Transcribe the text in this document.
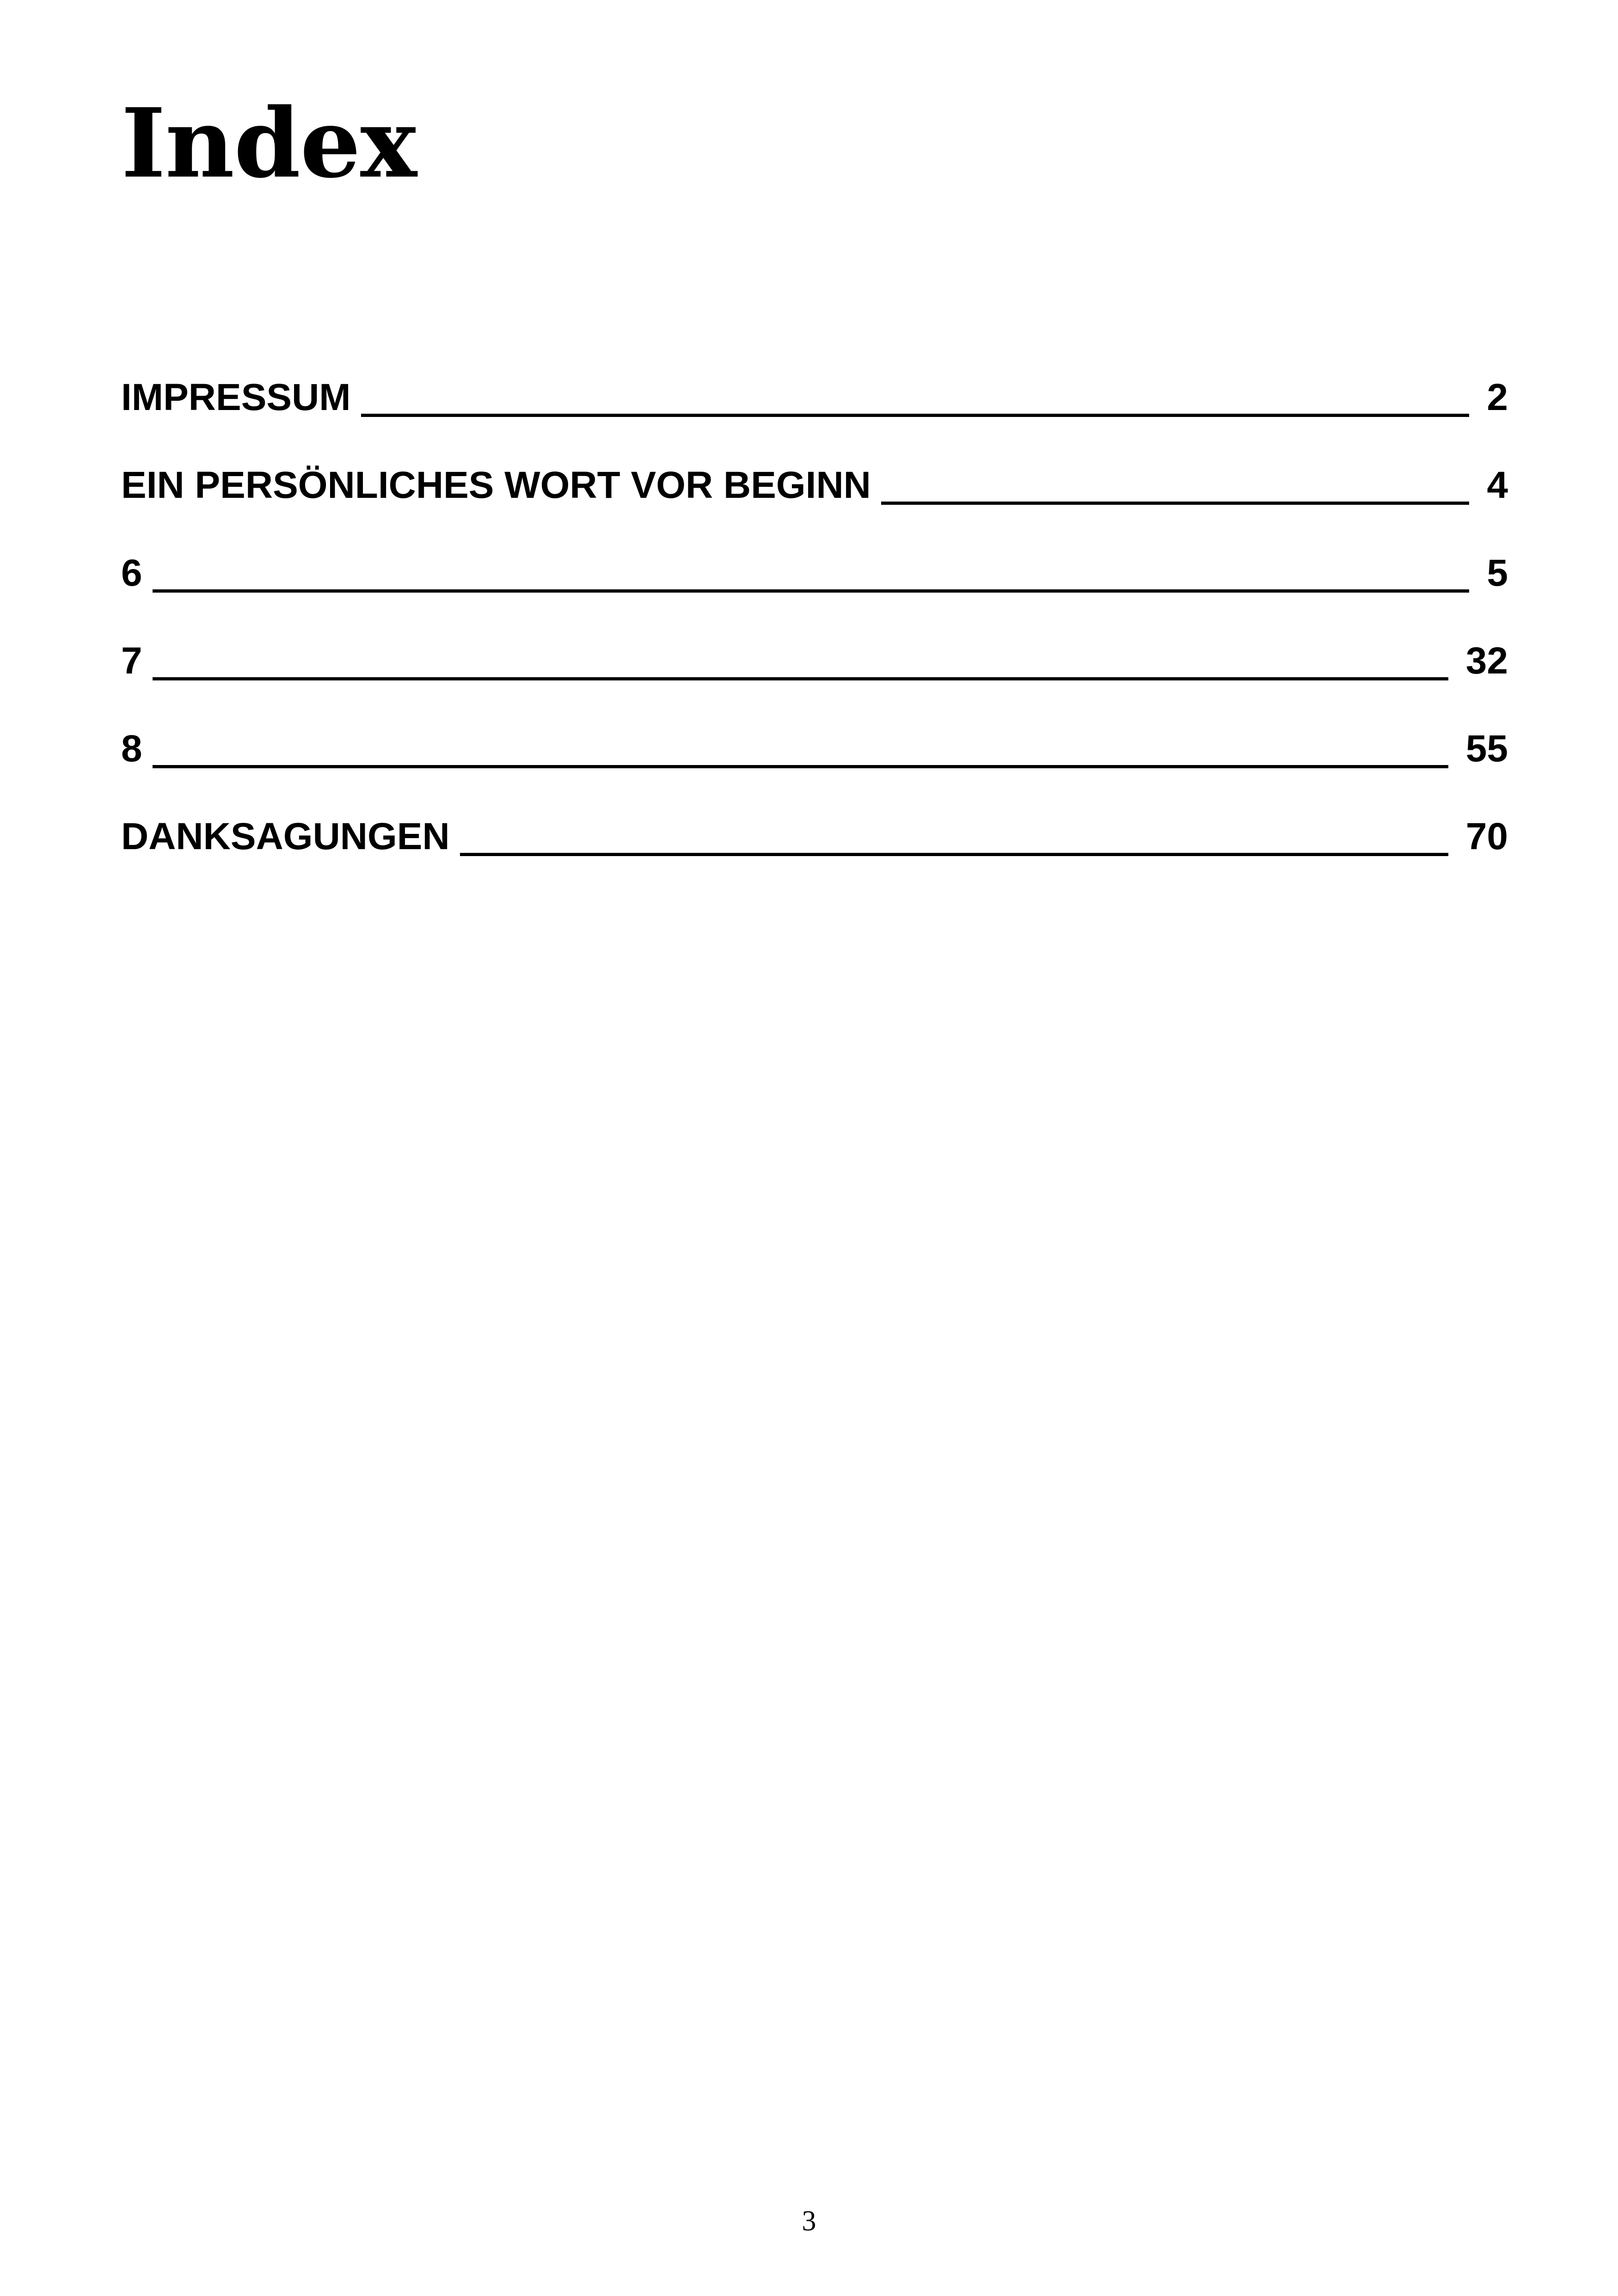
Index
IMPRESSUM	2
EIN PERSÖNLICHES WORT VOR BEGINN	4
6	5
7	32
8	55
DANKSAGUNGEN	70
3
